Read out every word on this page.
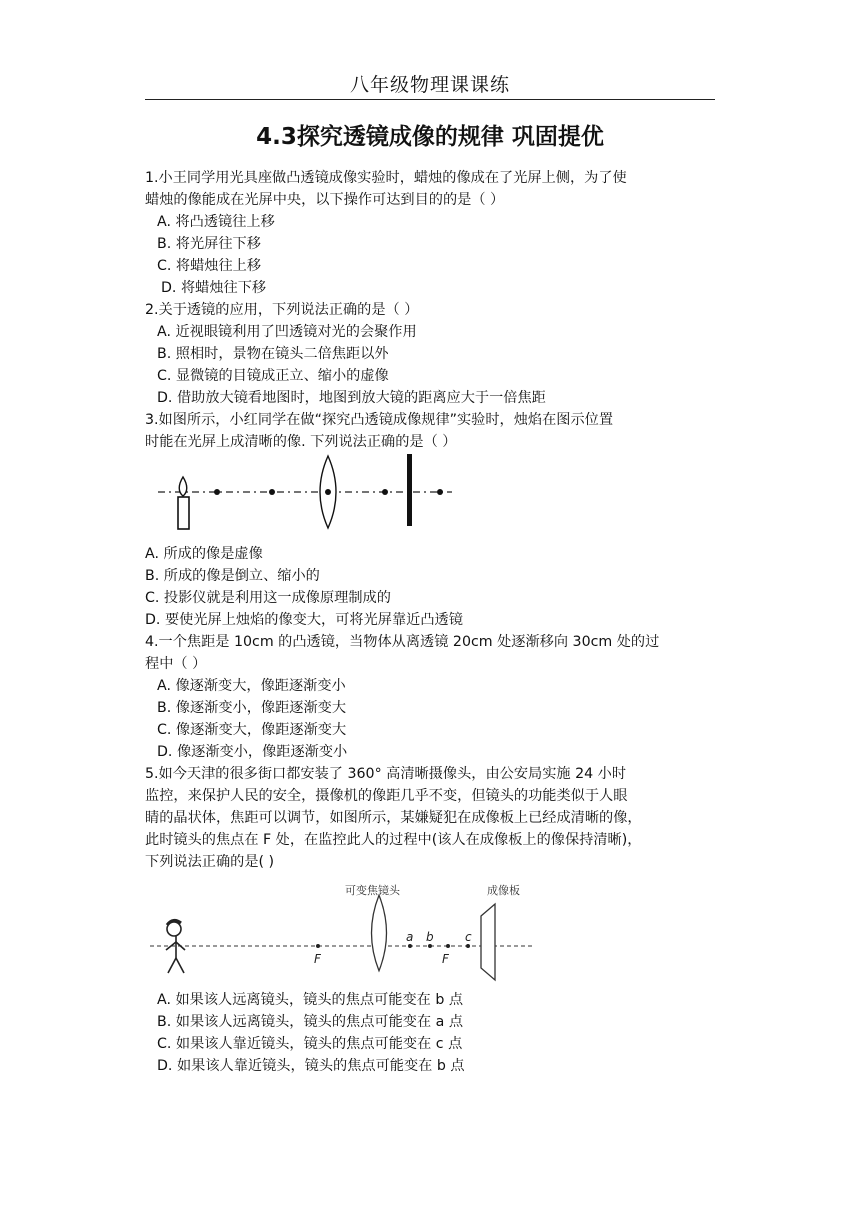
八年级物理课课练
4.3探究透镜成像的规律 巩固提优
1.小王同学用光具座做凸透镜成像实验时，蜡烛的像成在了光屏上侧，为了使
蜡烛的像能成在光屏中央，以下操作可达到目的的是（ ）
A. 将凸透镜往上移
B. 将光屏往下移
C. 将蜡烛往上移
D. 将蜡烛往下移
2.关于透镜的应用，下列说法正确的是（ ）
A. 近视眼镜利用了凹透镜对光的会聚作用
B. 照相时，景物在镜头二倍焦距以外
C. 显微镜的目镜成正立、缩小的虚像
D. 借助放大镜看地图时，地图到放大镜的距离应大于一倍焦距
3.如图所示，小红同学在做“探究凸透镜成像规律”实验时，烛焰在图示位置
时能在光屏上成清晰的像. 下列说法正确的是（ ）
A. 所成的像是虚像
B. 所成的像是倒立、缩小的
C. 投影仪就是利用这一成像原理制成的
D. 要使光屏上烛焰的像变大，可将光屏靠近凸透镜
4.一个焦距是 10cm 的凸透镜，当物体从离透镜 20cm 处逐渐移向 30cm 处的过
程中（ ）
A. 像逐渐变大，像距逐渐变小
B. 像逐渐变小，像距逐渐变大
C. 像逐渐变大，像距逐渐变大
D. 像逐渐变小，像距逐渐变小
5.如今天津的很多街口都安装了 360° 高清晰摄像头，由公安局实施 24 小时
监控，来保护人民的安全，摄像机的像距几乎不变，但镜头的功能类似于人眼
睛的晶状体，焦距可以调节，如图所示，某嫌疑犯在成像板上已经成清晰的像，
此时镜头的焦点在 F 处，在监控此人的过程中(该人在成像板上的像保持清晰)，
下列说法正确的是( )
可变焦镜头
F
a b
F
c
成像板
A. 如果该人远离镜头，镜头的焦点可能变在 b 点
B. 如果该人远离镜头，镜头的焦点可能变在 a 点
C. 如果该人靠近镜头，镜头的焦点可能变在 c 点
D. 如果该人靠近镜头，镜头的焦点可能变在 b 点
